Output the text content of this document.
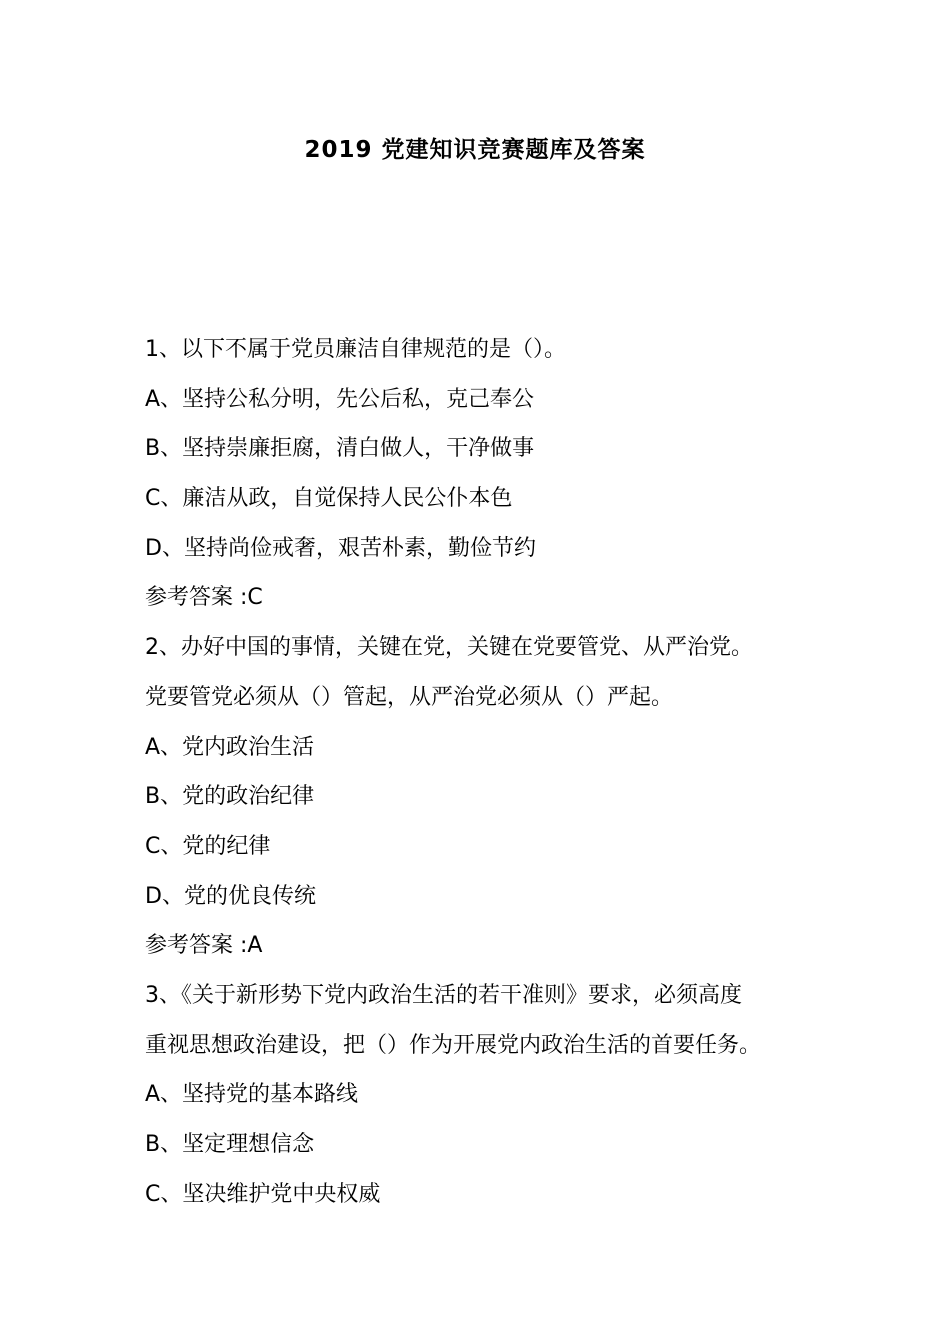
2019 党建知识竞赛题库及答案
1、以下不属于党员廉洁自律规范的是（）。
A、坚持公私分明，先公后私，克己奉公
B、坚持崇廉拒腐，清白做人，干净做事
C、廉洁从政，自觉保持人民公仆本色
D、坚持尚俭戒奢，艰苦朴素，勤俭节约
参考答案 :C
2、办好中国的事情，关键在党，关键在党要管党、从严治党。
党要管党必须从（）管起，从严治党必须从（）严起。
A、党内政治生活
B、党的政治纪律
C、党的纪律
D、党的优良传统
参考答案 :A
3、《关于新形势下党内政治生活的若干准则》要求，必须高度
重视思想政治建设，把（）作为开展党内政治生活的首要任务。
A、坚持党的基本路线
B、坚定理想信念
C、坚决维护党中央权威
